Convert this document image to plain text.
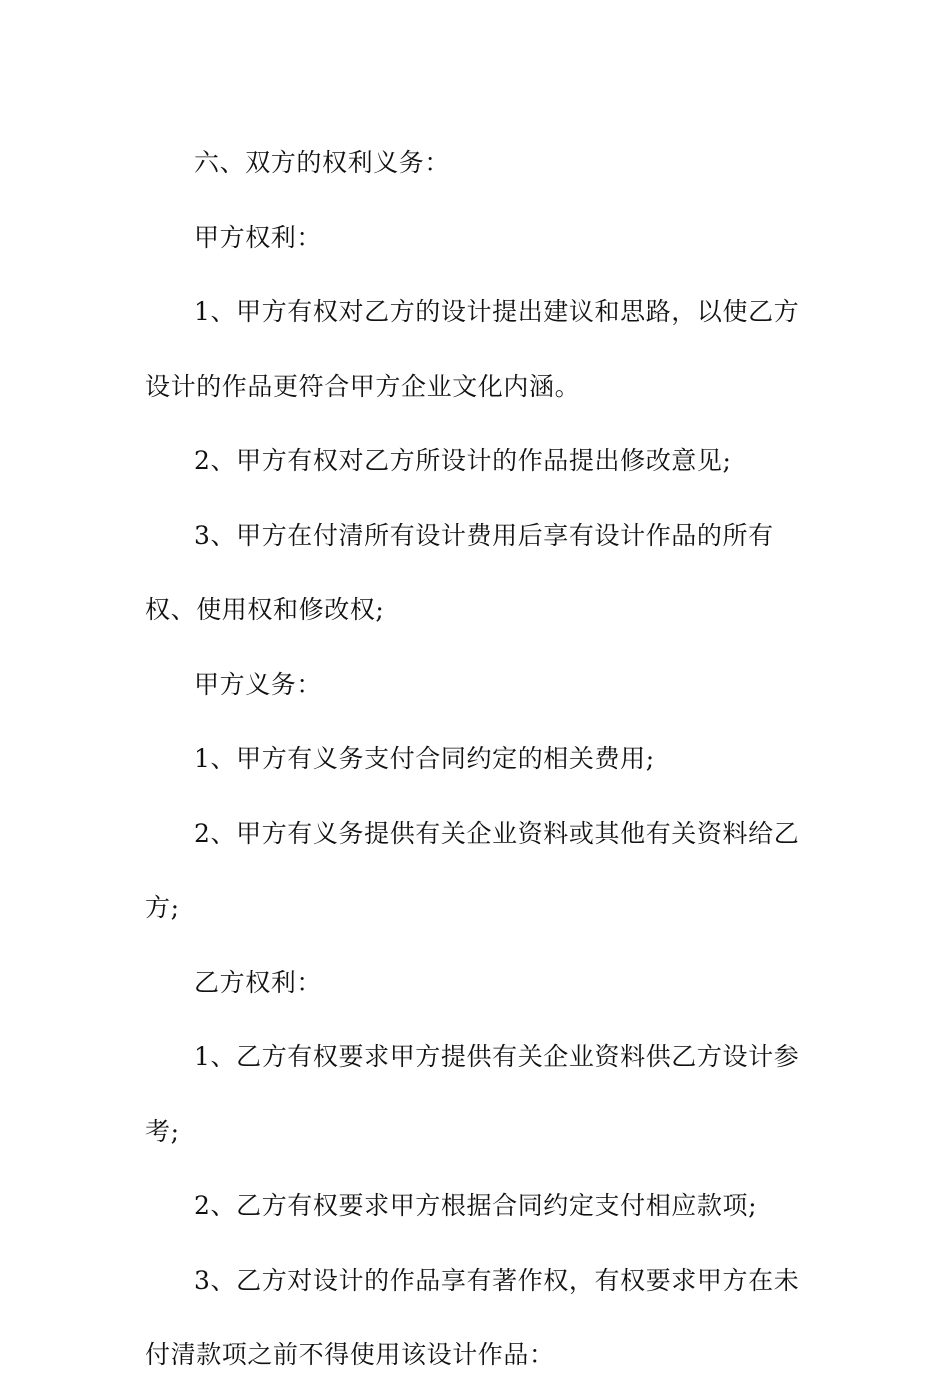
六、双方的权利义务：

甲方权利：

1、甲方有权对乙方的设计提出建议和思路，以使乙方设计的作品更符合甲方企业文化内涵。

2、甲方有权对乙方所设计的作品提出修改意见;

3、甲方在付清所有设计费用后享有设计作品的所有权、使用权和修改权;

甲方义务：

1、甲方有义务支付合同约定的相关费用;

2、甲方有义务提供有关企业资料或其他有关资料给乙方;

乙方权利：

1、乙方有权要求甲方提供有关企业资料供乙方设计参考;

2、乙方有权要求甲方根据合同约定支付相应款项;

3、乙方对设计的作品享有著作权，有权要求甲方在未付清款项之前不得使用该设计作品：
